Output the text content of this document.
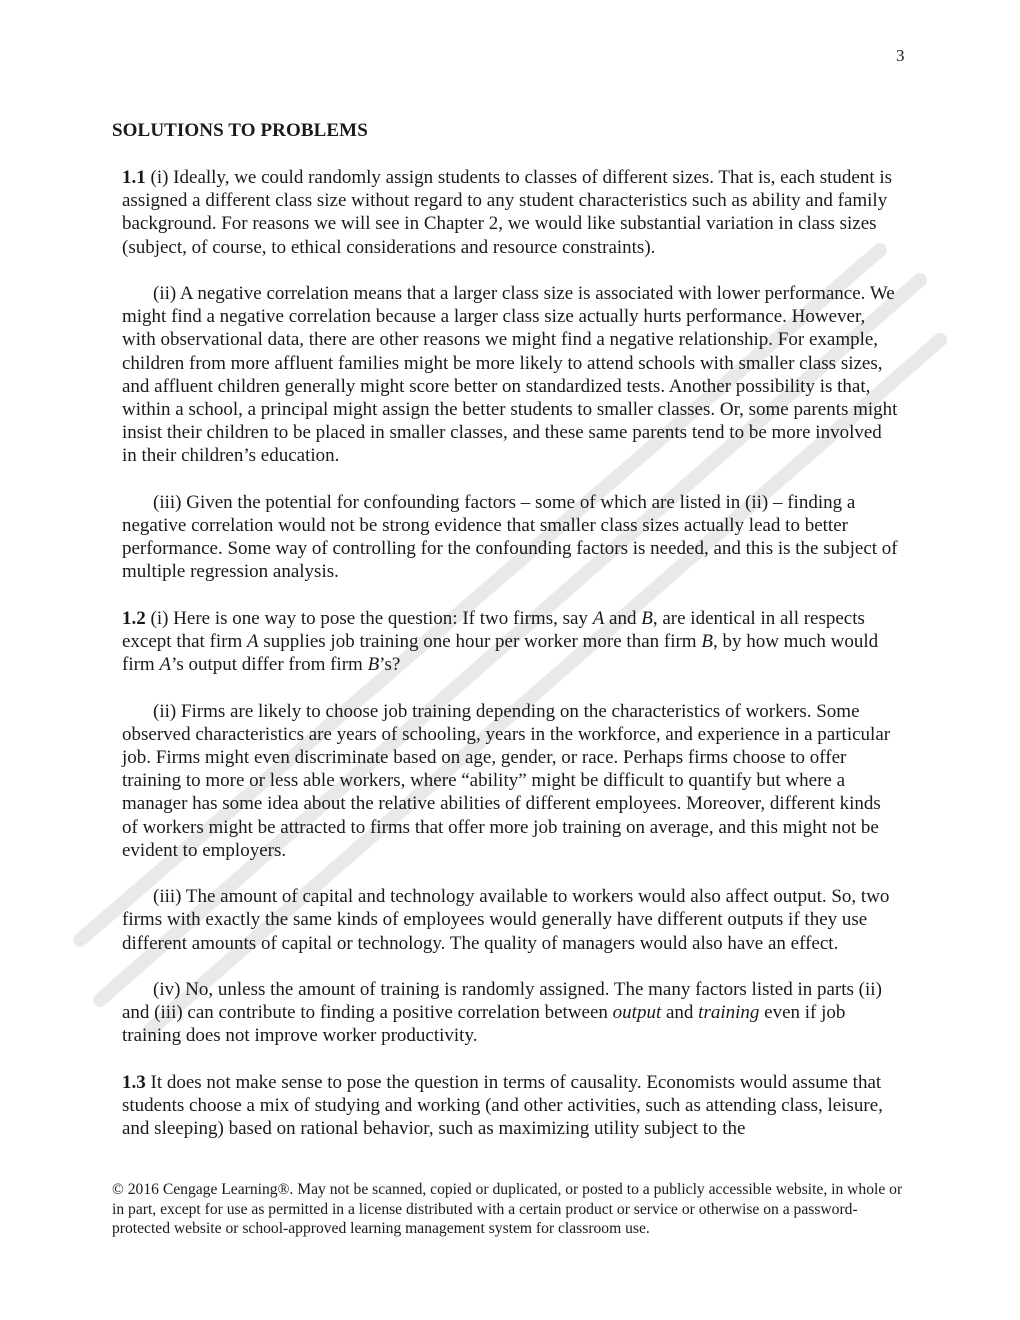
3
SOLUTIONS TO PROBLEMS

1.1 (i) Ideally, we could randomly assign students to classes of different sizes. That is, each student is assigned a different class size without regard to any student characteristics such as ability and family background. For reasons we will see in Chapter 2, we would like substantial variation in class sizes (subject, of course, to ethical considerations and resource constraints).

(ii) A negative correlation means that a larger class size is associated with lower performance. We might find a negative correlation because a larger class size actually hurts performance. However, with observational data, there are other reasons we might find a negative relationship. For example, children from more affluent families might be more likely to attend schools with smaller class sizes, and affluent children generally might score better on standardized tests. Another possibility is that, within a school, a principal might assign the better students to smaller classes. Or, some parents might insist their children to be placed in smaller classes, and these same parents tend to be more involved in their children’s education.

(iii) Given the potential for confounding factors – some of which are listed in (ii) – finding a negative correlation would not be strong evidence that smaller class sizes actually lead to better performance. Some way of controlling for the confounding factors is needed, and this is the subject of multiple regression analysis.

1.2 (i) Here is one way to pose the question: If two firms, say A and B, are identical in all respects except that firm A supplies job training one hour per worker more than firm B, by how much would firm A’s output differ from firm B’s?

(ii) Firms are likely to choose job training depending on the characteristics of workers. Some observed characteristics are years of schooling, years in the workforce, and experience in a particular job. Firms might even discriminate based on age, gender, or race. Perhaps firms choose to offer training to more or less able workers, where “ability” might be difficult to quantify but where a manager has some idea about the relative abilities of different employees. Moreover, different kinds of workers might be attracted to firms that offer more job training on average, and this might not be evident to employers.

(iii) The amount of capital and technology available to workers would also affect output. So, two firms with exactly the same kinds of employees would generally have different outputs if they use different amounts of capital or technology. The quality of managers would also have an effect.

(iv) No, unless the amount of training is randomly assigned. The many factors listed in parts (ii) and (iii) can contribute to finding a positive correlation between output and training even if job training does not improve worker productivity.

1.3 It does not make sense to pose the question in terms of causality. Economists would assume that students choose a mix of studying and working (and other activities, such as attending class, leisure, and sleeping) based on rational behavior, such as maximizing utility subject to the

© 2016 Cengage Learning®. May not be scanned, copied or duplicated, or posted to a publicly accessible website, in whole or in part, except for use as permitted in a license distributed with a certain product or service or otherwise on a password-protected website or school-approved learning management system for classroom use.
